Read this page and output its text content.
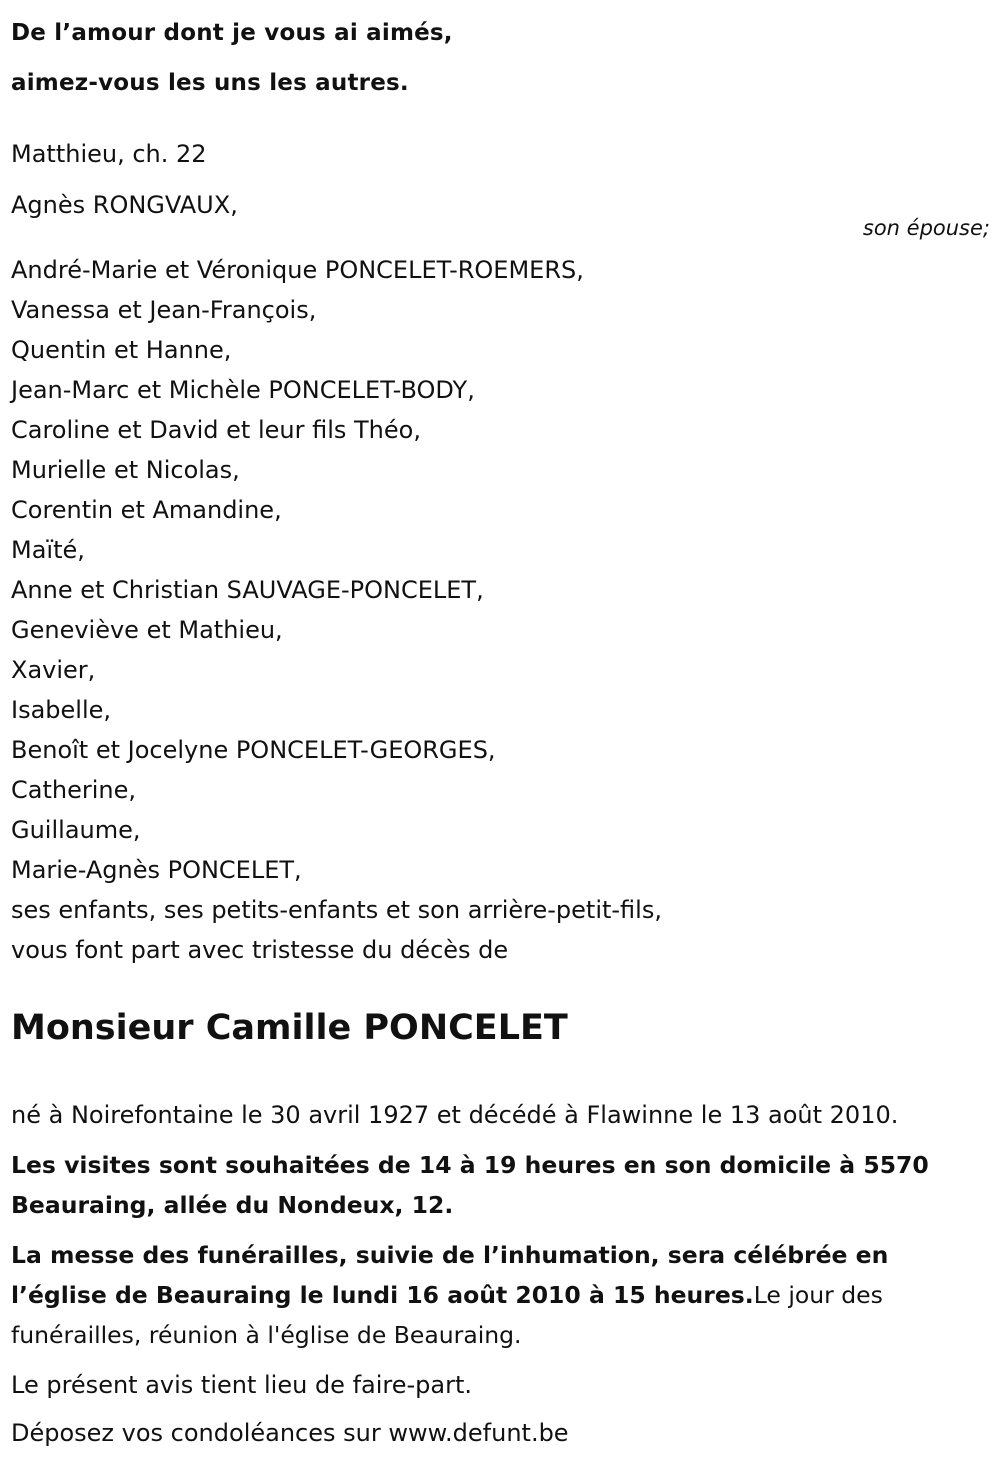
De l’amour dont je vous ai aimés,
aimez-vous les uns les autres.
Matthieu, ch. 22
Agnès RONGVAUX,
son épouse;
André-Marie et Véronique PONCELET-ROEMERS,
Vanessa et Jean-François,
Quentin et Hanne,
Jean-Marc et Michèle PONCELET-BODY,
Caroline et David et leur fils Théo,
Murielle et Nicolas,
Corentin et Amandine,
Maïté,
Anne et Christian SAUVAGE-PONCELET,
Geneviève et Mathieu,
Xavier,
Isabelle,
Benoît et Jocelyne PONCELET-GEORGES,
Catherine,
Guillaume,
Marie-Agnès PONCELET,
ses enfants, ses petits-enfants et son arrière-petit-fils,
vous font part avec tristesse du décès de
Monsieur Camille PONCELET
né à Noirefontaine le 30 avril 1927 et décédé à Flawinne le 13 août 2010.
Les visites sont souhaitées de 14 à 19 heures en son domicile à 5570 Beauraing, allée du Nondeux, 12.
La messe des funérailles, suivie de l’inhumation, sera célébrée en l’église de Beauraing le lundi 16 août 2010 à 15 heures.Le jour des funérailles, réunion à l'église de Beauraing.
Le présent avis tient lieu de faire-part.
Déposez vos condoléances sur www.defunt.be
